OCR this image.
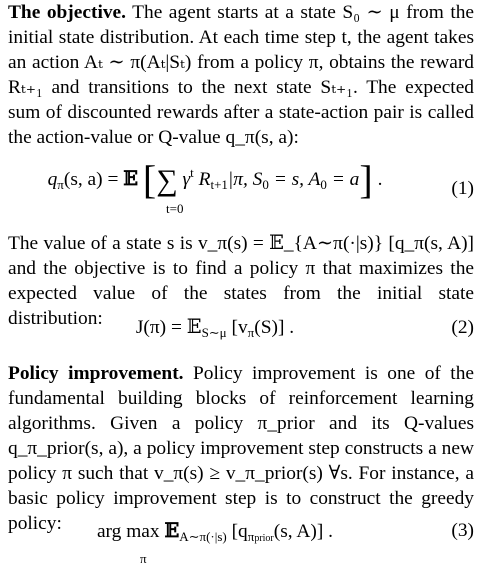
The objective. The agent starts at a state S₀ ∼ μ from the initial state distribution. At each time step t, the agent takes an action Aₜ ∼ π(Aₜ|Sₜ) from a policy π, obtains the reward Rₜ₊₁ and transitions to the next state Sₜ₊₁. The expected sum of discounted rewards after a state-action pair is called the action-value or Q-value q_π(s, a):

$q_\pi(s$, a) = 𝔼 [∑ $\gamma^t$ $R_{t+1}|\pi$, $S_0 = s$, $A_0 = a$] .
t=0
(1)

The value of a state s is v_π(s) = 𝔼_{A∼π(·|s)} [q_π(s, A)] and the objective is to find a policy π that maximizes the expected value of the states from the initial state distribution:	J(π) = 𝔼$_{S\sim\mu}$ $[v_\pi(S)]$ .	(2)

Policy improvement. Policy improvement is one of the fundamental building blocks of reinforcement learning algorithms. Given a policy π_prior and its Q-values q_π_prior(s, a), a policy improvement step constructs a new policy π such that v_π(s) ≥ v_π_prior(s) ∀s. For instance, a basic policy improvement step is to construct the greedy policy:	arg max 𝔼$_{A\sim\pi(\cdot|s)}$ [$q_{\pi prior}(s$, A)] .
π
(3)
